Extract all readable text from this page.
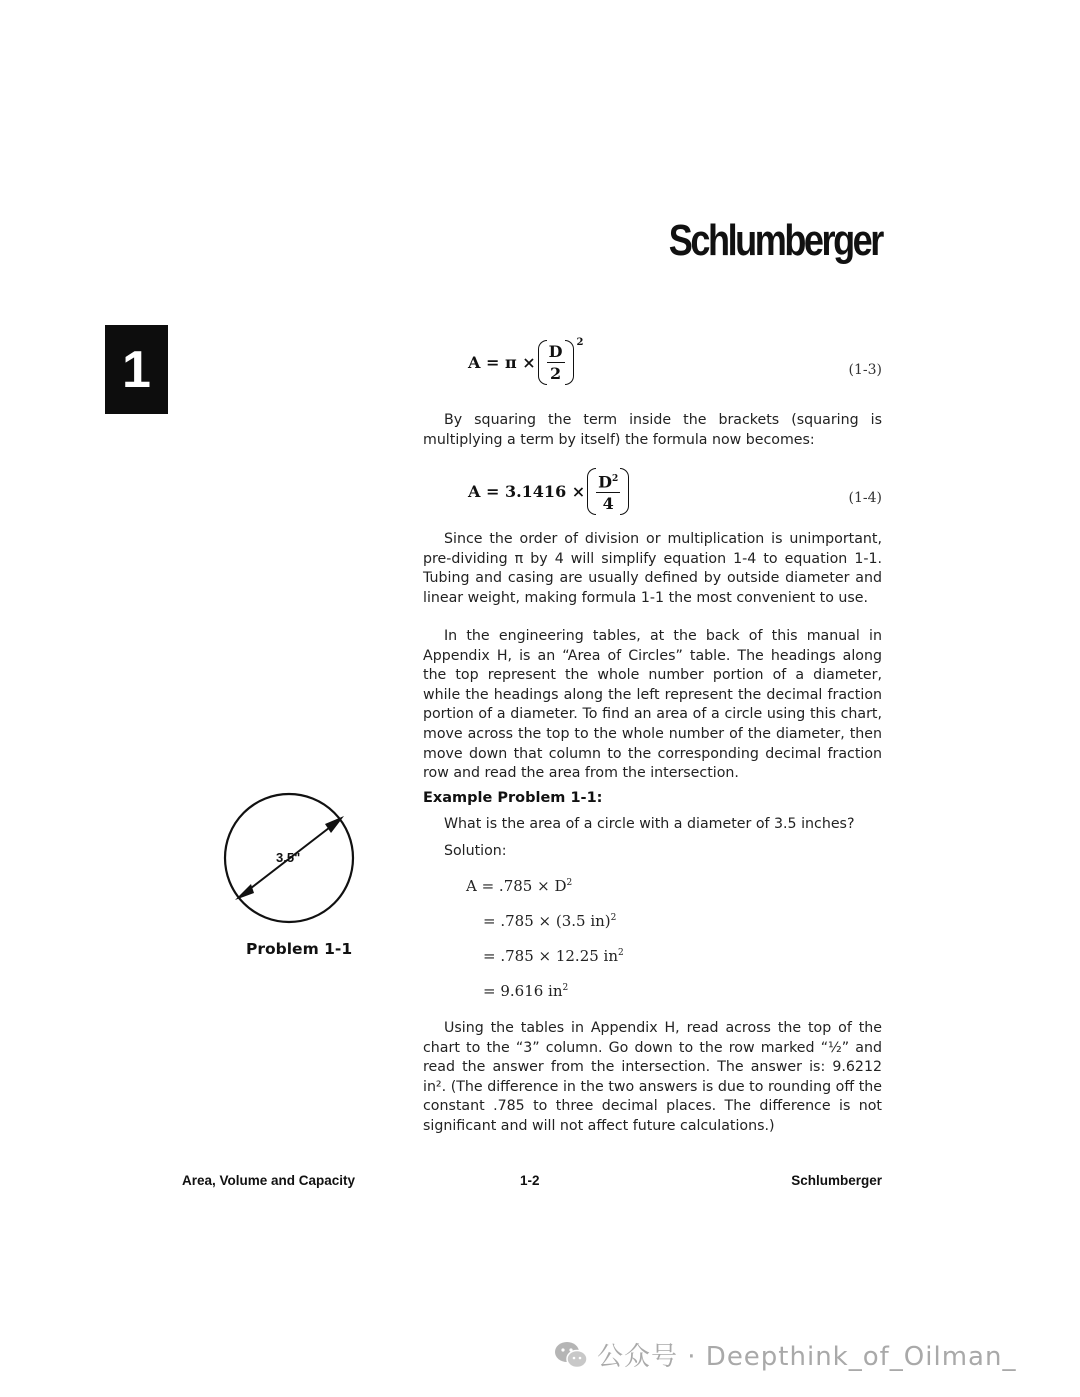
Schlumberger
1	$A = \pi \times \frac{D}{2} 2$
(1-3)

By squaring the term inside the brackets (squaring is multiplying a term by itself) the formula now becomes:

$A = 3.1416 \times \frac{D^2}{4}$	(1-4)

Since the order of division or multiplication is unimportant, pre-dividing π by 4 will simplify equation 1-4 to equation 1-1. Tubing and casing are usually defined by outside diameter and linear weight, making formula 1-1 the most convenient to use.

In the engineering tables, at the back of this manual in Appendix H, is an “Area of Circles” table. The headings along the top represent the whole number portion of a diameter, while the headings along the left represent the decimal fraction portion of a diameter. To find an area of a circle using this chart, move across the top to the whole number of the diameter, then move down that column to the corresponding decimal fraction row and read the area from the intersection.

Example Problem 1-1:
What is the area of a circle with a diameter of 3.5 inches?
Solution:
$A = .785 \times D^2$
= .785 × (3.5 in)$^2$
= .785 × 12.25 $in^2$
= 9.616 $in^2$

Using the tables in Appendix H, read across the top of the chart to the “3” column. Go down to the row marked “½” and read the answer from the intersection. The answer is: 9.6212 in². (The difference in the two answers is due to rounding off the constant .785 to three decimal places. The difference is not significant and will not affect future calculations.)

3.5"
Problem 1-1
Area, Volume and Capacity	1-2	Schlumberger
公众号 · Deepthink_of_Oilman_
